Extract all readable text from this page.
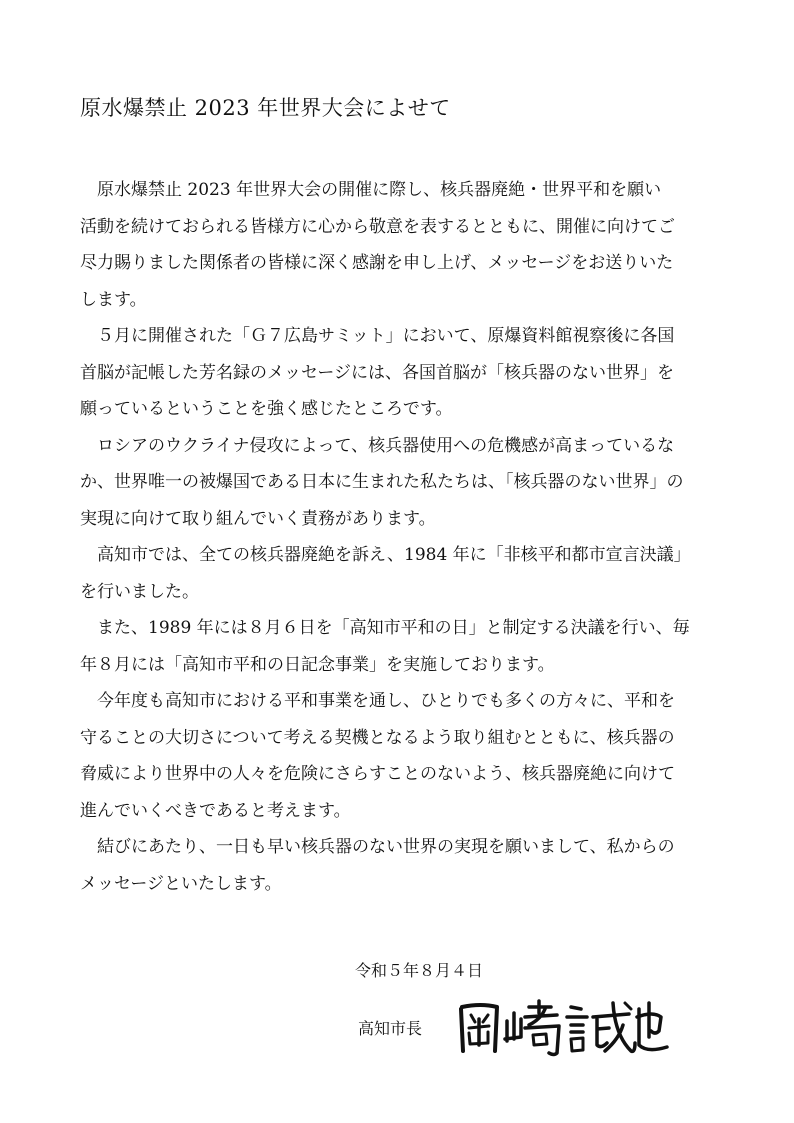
原水爆禁止 2023 年世界大会によせて
　原水爆禁止 2023 年世界大会の開催に際し、核兵器廃絶・世界平和を願い
活動を続けておられる皆様方に心から敬意を表するとともに、開催に向けてご
尽力賜りました関係者の皆様に深く感謝を申し上げ、メッセージをお送りいた
します。
　５月に開催された「Ｇ７広島サミット」において、原爆資料館視察後に各国
首脳が記帳した芳名録のメッセージには、各国首脳が「核兵器のない世界」を
願っているということを強く感じたところです。
　ロシアのウクライナ侵攻によって、核兵器使用への危機感が高まっているな
か、世界唯一の被爆国である日本に生まれた私たちは、「核兵器のない世界」の
実現に向けて取り組んでいく責務があります。
　高知市では、全ての核兵器廃絶を訴え、1984 年に「非核平和都市宣言決議」
を行いました。
　また、1989 年には８月６日を「高知市平和の日」と制定する決議を行い、毎
年８月には「高知市平和の日記念事業」を実施しております。
　今年度も高知市における平和事業を通し、ひとりでも多くの方々に、平和を
守ることの大切さについて考える契機となるよう取り組むとともに、核兵器の
脅威により世界中の人々を危険にさらすことのないよう、核兵器廃絶に向けて
進んでいくべきであると考えます。
　結びにあたり、一日も早い核兵器のない世界の実現を願いまして、私からの
メッセージといたします。
令和５年８月４日
高知市長
